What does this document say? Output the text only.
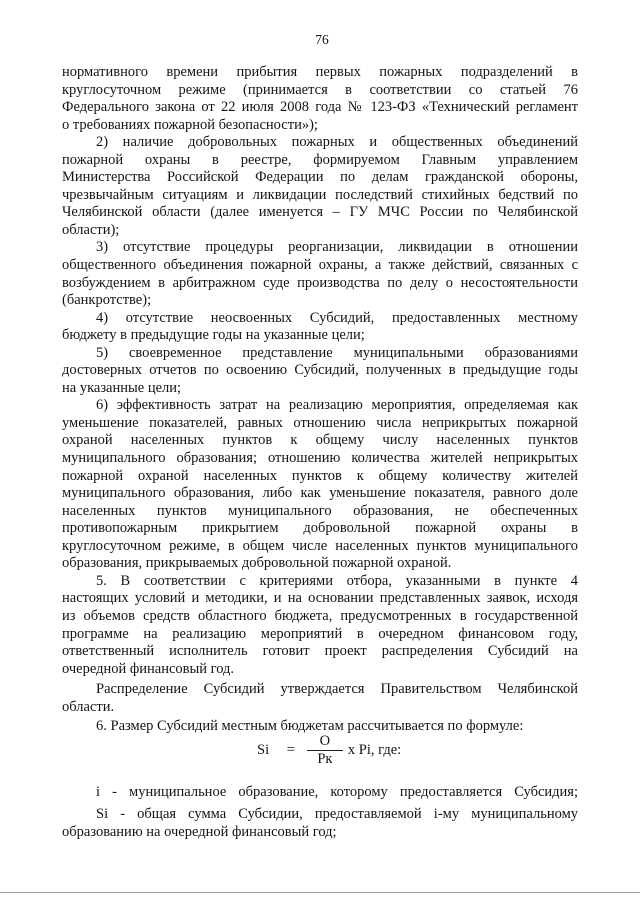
76
нормативного времени прибытия первых пожарных подразделений в
круглосуточном режиме (принимается в соответствии со статьей 76
Федерального закона от 22 июля 2008 года № 123-ФЗ «Технический регламент
о требованиях пожарной безопасности»);
2) наличие добровольных пожарных и общественных объединений
пожарной охраны в реестре, формируемом Главным управлением
Министерства Российской Федерации по делам гражданской обороны,
чрезвычайным ситуациям и ликвидации последствий стихийных бедствий по
Челябинской области (далее именуется – ГУ МЧС России по Челябинской
области);
3) отсутствие процедуры реорганизации, ликвидации в отношении
общественного объединения пожарной охраны, а также действий, связанных с
возбуждением в арбитражном суде производства по делу о несостоятельности
(банкротстве);
4) отсутствие неосвоенных Субсидий, предоставленных местному
бюджету в предыдущие годы на указанные цели;
5) своевременное представление муниципальными образованиями
достоверных отчетов по освоению Субсидий, полученных в предыдущие годы
на указанные цели;
6) эффективность затрат на реализацию мероприятия, определяемая как
уменьшение показателей, равных отношению числа неприкрытых пожарной
охраной населенных пунктов к общему числу населенных пунктов
муниципального образования; отношению количества жителей неприкрытых
пожарной охраной населенных пунктов к общему количеству жителей
муниципального образования, либо как уменьшение показателя, равного доле
населенных пунктов муниципального образования, не обеспеченных
противопожарным прикрытием добровольной пожарной охраны в
круглосуточном режиме, в общем числе населенных пунктов муниципального
образования, прикрываемых добровольной пожарной охраной.
5. В соответствии с критериями отбора, указанными в пункте 4
настоящих условий и методики, и на основании представленных заявок, исходя
из объемов средств областного бюджета, предусмотренных в государственной
программе на реализацию мероприятий в очередном финансовом году,
ответственный исполнитель готовит проект распределения Субсидий на
очередной финансовый год.
Распределение Субсидий утверждается Правительством Челябинской
области.
6. Размер Субсидий местным бюджетам рассчитывается по формуле:
$Si = \frac{О}{Рк}$ х Рi, где:
i - муниципальное образование, которому предоставляется Субсидия;
Si - общая сумма Субсидии, предоставляемой i-му муниципальному
образованию на очередной финансовый год;
